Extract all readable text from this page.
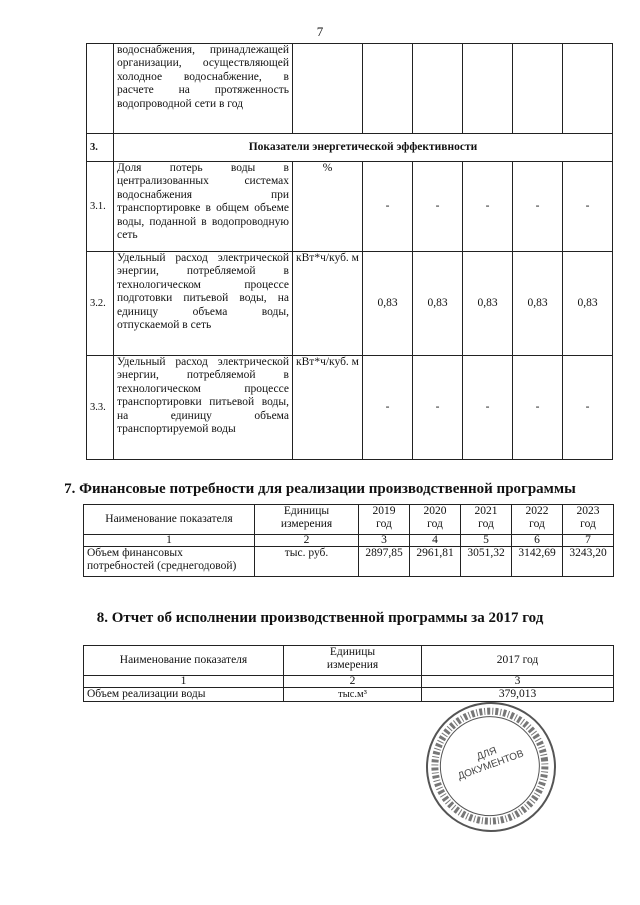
7
	водоснабжения, принадлежащей организации, осуществляющей холодное водоснабжение, в расчете на протяженность водопроводной сети в год						
3.	Показатели энергетической эффективности						
3.1.	Доля потерь воды в централизованных системах водоснабжения при транспортировке в общем объеме воды, поданной в водопроводную сеть	%	-	-	-	-	-
3.2.	Удельный расход электрической энергии, потребляемой в технологическом процессе подготовки питьевой воды, на единицу объема воды, отпускаемой в сеть	кВт*ч/куб. м	0,83	0,83	0,83	0,83	0,83
3.3.	Удельный расход электрической энергии, потребляемой в технологическом процессе транспортировки питьевой воды, на единицу объема транспортируемой воды	кВт*ч/куб. м	-	-	-	-	-
7. Финансовые потребности для реализации производственной программы
Наименование показателя	Единицы измерения	2019 год	2020 год	2021 год	2022 год	2023 год
1	2	3	4	5	6	7
Объем финансовых потребностей (среднегодовой)	тыс. руб.	2897,85	2961,81	3051,32	3142,69	3243,20
8. Отчет об исполнении производственной программы за 2017 год
Наименование показателя	Единицы измерения	2017 год
1	2	3
Объем реализации воды	тыс.м³	379,013
ДЛЯ ДОКУМЕНТОВ
